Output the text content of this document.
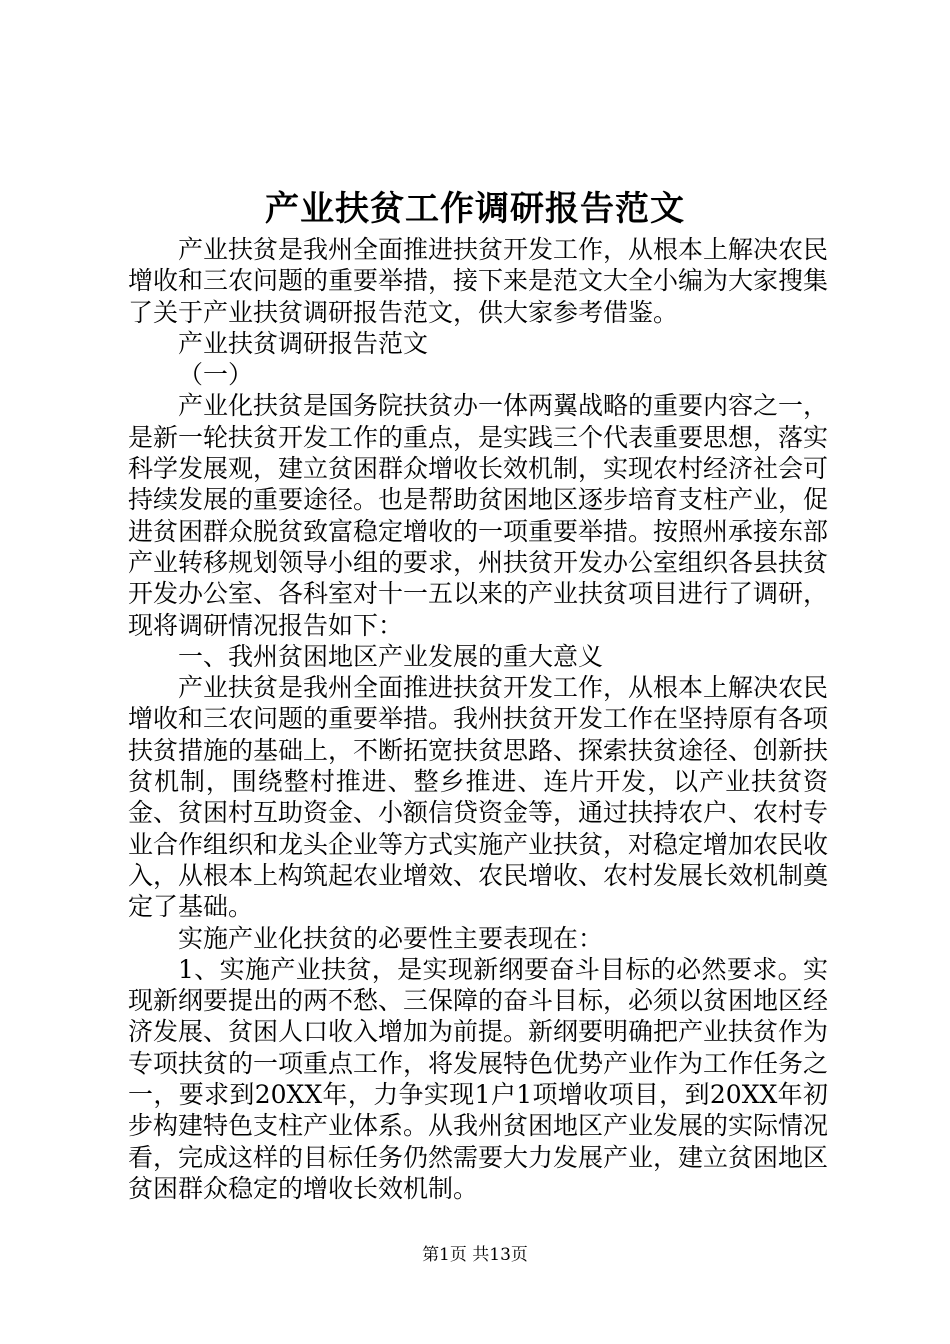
产业扶贫工作调研报告范文

产业扶贫是我州全面推进扶贫开发工作，从根本上解决农民增收和三农问题的重要举措，接下来是范文大全小编为大家搜集了关于产业扶贫调研报告范文，供大家参考借鉴。

产业扶贫调研报告范文

（一）

产业化扶贫是国务院扶贫办一体两翼战略的重要内容之一，是新一轮扶贫开发工作的重点，是实践三个代表重要思想，落实科学发展观，建立贫困群众增收长效机制，实现农村经济社会可持续发展的重要途径。也是帮助贫困地区逐步培育支柱产业，促进贫困群众脱贫致富稳定增收的一项重要举措。按照州承接东部产业转移规划领导小组的要求，州扶贫开发办公室组织各县扶贫开发办公室、各科室对十一五以来的产业扶贫项目进行了调研，现将调研情况报告如下：

一、我州贫困地区产业发展的重大意义

产业扶贫是我州全面推进扶贫开发工作，从根本上解决农民增收和三农问题的重要举措。我州扶贫开发工作在坚持原有各项扶贫措施的基础上，不断拓宽扶贫思路、探索扶贫途径、创新扶贫机制，围绕整村推进、整乡推进、连片开发，以产业扶贫资金、贫困村互助资金、小额信贷资金等，通过扶持农户、农村专业合作组织和龙头企业等方式实施产业扶贫，对稳定增加农民收入，从根本上构筑起农业增效、农民增收、农村发展长效机制奠定了基础。

实施产业化扶贫的必要性主要表现在：

1、实施产业扶贫，是实现新纲要奋斗目标的必然要求。实现新纲要提出的两不愁、三保障的奋斗目标，必须以贫困地区经济发展、贫困人口收入增加为前提。新纲要明确把产业扶贫作为专项扶贫的一项重点工作，将发展特色优势产业作为工作任务之一，要求到20XX年，力争实现1户1项增收项目，到20XX年初步构建特色支柱产业体系。从我州贫困地区产业发展的实际情况看，完成这样的目标任务仍然需要大力发展产业，建立贫困地区贫困群众稳定的增收长效机制。

第1页 共13页
